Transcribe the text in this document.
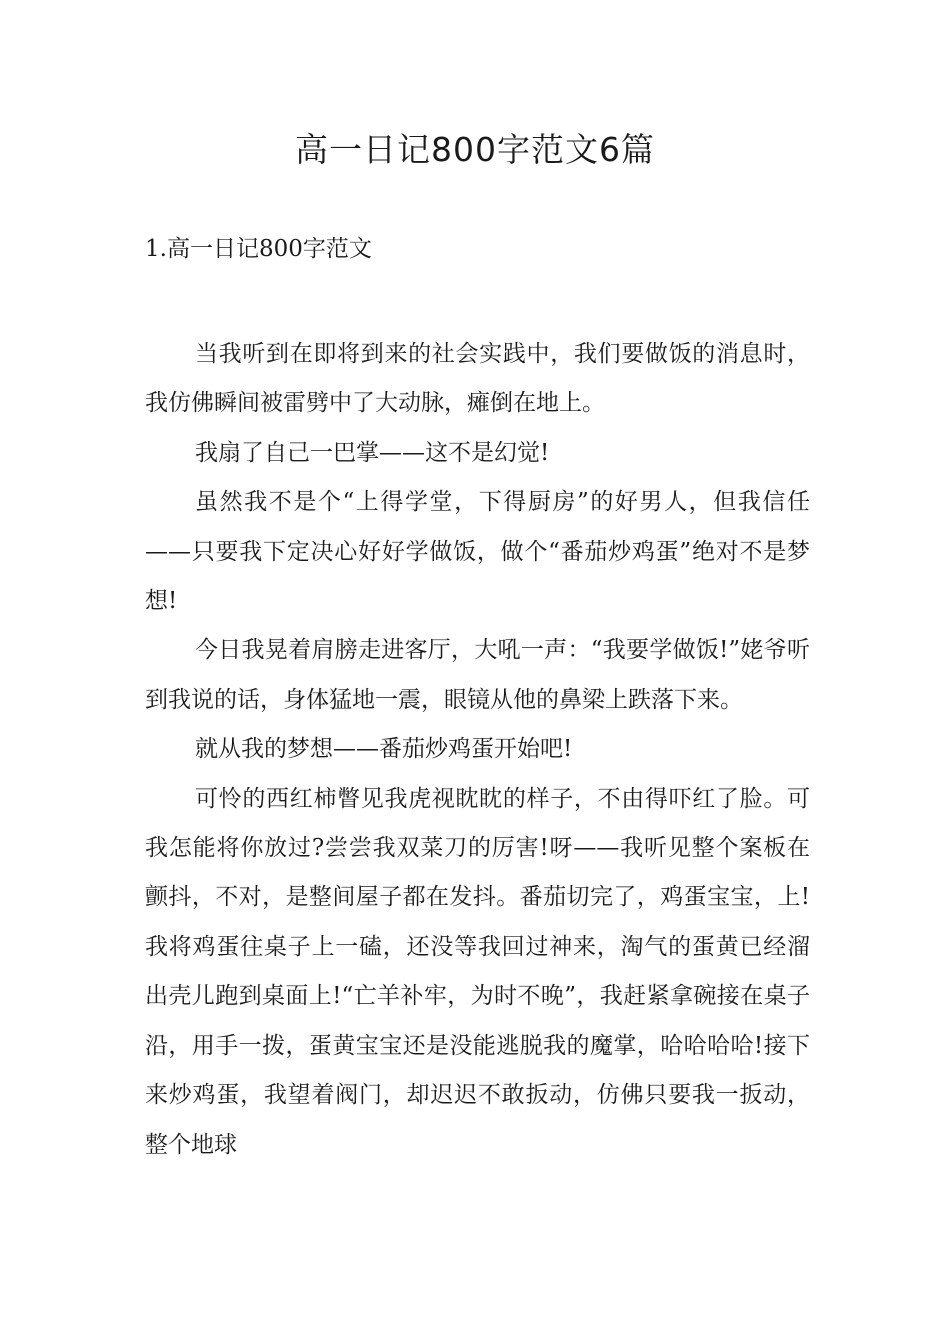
高一日记800字范文6篇
1.高一日记800字范文

当我听到在即将到来的社会实践中，我们要做饭的消息时，我仿佛瞬间被雷劈中了大动脉，瘫倒在地上。

我扇了自己一巴掌——这不是幻觉!

虽然我不是个“上得学堂，下得厨房”的好男人，但我信任——只要我下定决心好好学做饭，做个“番茄炒鸡蛋”绝对不是梦想!

今日我晃着肩膀走进客厅，大吼一声：“我要学做饭!”姥爷听到我说的话，身体猛地一震，眼镜从他的鼻梁上跌落下来。

就从我的梦想——番茄炒鸡蛋开始吧!

可怜的西红柿瞥见我虎视眈眈的样子，不由得吓红了脸。可我怎能将你放过?尝尝我双菜刀的厉害!呀——我听见整个案板在颤抖，不对，是整间屋子都在发抖。番茄切完了，鸡蛋宝宝，上!我将鸡蛋往桌子上一磕，还没等我回过神来，淘气的蛋黄已经溜出壳儿跑到桌面上!“亡羊补牢，为时不晚”，我赶紧拿碗接在桌子沿，用手一拨，蛋黄宝宝还是没能逃脱我的魔掌，哈哈哈哈!接下来炒鸡蛋，我望着阀门，却迟迟不敢扳动，仿佛只要我一扳动，整个地球
